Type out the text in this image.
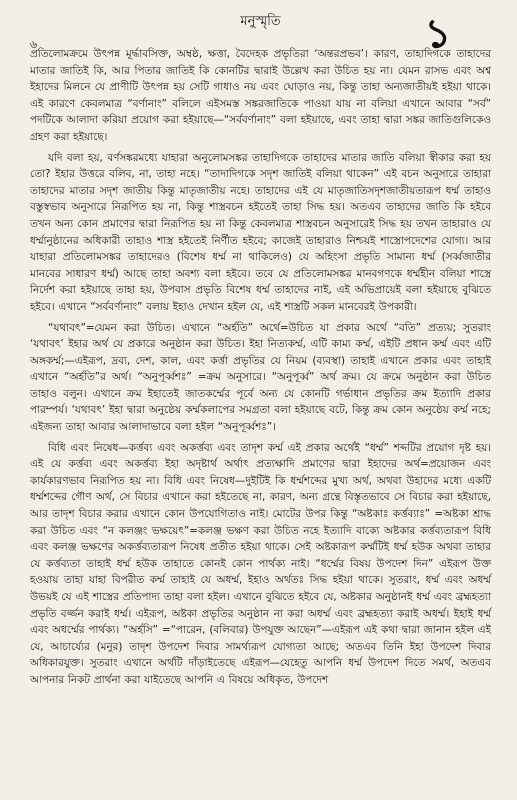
৬
মনুস্মৃতি	১

প্রতিলোমক্রমে উৎপন্ন মূর্দ্ধাবসিক্ত, অম্বষ্ঠ, ক্ষত্তা, বৈদেহক প্রভৃতিরা ‘অন্তরপ্রভব’। কারণ, তাহাদিগকে তাহাদের মাতার জাতিই কি, আর পিতার জাতিই কি কোনটির দ্বারাই উল্লেখ করা উচিত হয় না। যেমন রাসভ এবং অশ্ব ইহাদের মিলনে যে প্রাণীটি উৎপন্ন হয় সেটি গাধাও নয় এবং ঘোড়াও নয়, কিন্তু তাহা অন্যজাতীয়ই হইয়া থাকে। এই কারণে কেবলমাত্র “বর্ণানাং” বলিলে এইসমস্ত সঙ্করজাতিকে পাওয়া যায় না বলিয়া এখানে আবার “সর্ব” পদটিকে আলাদা করিয়া প্রয়োগ করা হইয়াছে—“সর্ববর্ণানাং” বলা হইয়াছে, এবং তাহা দ্বারা সঙ্কর জাতিগুলিকেও গ্রহণ করা হইয়াছে।

যদি বলা হয়, বর্ণসঙ্করমধ্যে যাহারা অনুলোমসঙ্কর তাহাদিগকে তাহাদের মাতার জাতি বলিয়া স্বীকার করা হয় তো? ইহার উত্তরে বলিব, না, তাহা নহে। “তাদাদিগকে সদৃশ জাতিই বলিয়া থাকেন” এই বচন অনুসারে তাহারা তাহাদের মাতার সদৃশ জাতীয় কিন্তু মাতৃজাতীয় নহে। তাহাদের এই যে মাতৃজাতিসদৃশজাতীয়তারূপ ধর্ম্ম তাহাও বস্তুস্বভাব অনুসারে নিরূপিত হয় না, কিন্তু শাস্ত্রবচন হইতেই তাহা সিদ্ধ হয়। অতএব তাহাদের জাতি কি হইবে তখন অন্য কোন প্রমাণের দ্বারা নিরূপিত হয় না কিন্তু কেবলমাত্র শাস্ত্রবচন অনুসারেই সিদ্ধ হয় তখন তাহারাও যে ধর্ম্মানুষ্ঠানের অধিকারী তাহাও শাস্ত্র হইতেই নির্ণীত হইবে; কাজেই তাহারাও নিশ্চয়ই শাস্ত্রোপদেশের যোগ্য। আর যাহারা প্রতিলোমসঙ্কর তাহাদেরও (বিশেষ ধর্ম্ম না থাকিলেও) যে অহিংসা প্রভৃতি সামান্য ধর্ম্ম (সর্ব্বজাতীর মানবের সাধারণ ধর্ম্ম) আছে তাহা অবশ্য বলা হইবে। তবে যে প্রতিলোমসঙ্কর মানবগণকে ধর্ম্মহীন বলিয়া শাস্ত্রে নির্দেশ করা হইয়াছে তাহা হয়, উপবাস প্রভৃতি বিশেষ ধর্ম্ম তাহাদের নাই, এই অভিপ্রায়েই বলা হইয়াছে বুঝিতে হইবে। এখানে “সর্ববর্ণানাং” বলায় ইহাও দেখান হইল যে, এই শাস্ত্রটি সকল মানবেরই উপকারী।

“যথাবৎ”=যেমন করা উচিত। এখানে “অর্হতি” অর্থে=উচিত যা প্রকার অর্থে “বতি” প্রত্যয়; সুতরাং ‘যথাবৎ’ ইহার অর্থ যে প্রকারে অনুষ্ঠান করা উচিত। ইহা নিত্যকর্ম্ম, এটি কাম্য কর্ম্ম, এইটি প্রধান কর্ম্ম এবং এটি অঙ্গকর্ম্ম;—এইরূপ, দ্রব্য, দেশ, কাল, এবং কর্ত্তা প্রভৃতির যে নিয়ম (ব্যবস্থা) তাহাই এখানে প্রকার এবং তাহাই এখানে “অর্হতি”র অর্থ। “অনুপূর্ব্বশঃ” =ক্রম অনুসারে। “অনুপূর্ব্ব” অর্থ ক্রম। যে ক্রমে অনুষ্ঠান করা উচিত তাহাও বলুন। এখানে ক্রম ইহাতেই জাতকর্ম্মের পূর্বে অন্য যে কোনটি গর্ভাধান প্রভৃতির ক্রম ইত্যাদি প্রকার পারম্পর্য। ‘যথাবৎ’ ইহা দ্বারা অনুষ্ঠেয় কর্ম্মকলাপের সমগ্রতা বলা হইয়াছে বটে, কিন্তু ক্রম কোন অনুষ্ঠেয় কর্ম্ম নহে; এইজন্য তাহা আবার আলাদাভাবে বলা হইল “অনুপূর্ব্বশঃ”।

বিধি এবং নিষেধ—কর্ত্তব্য এবং অকর্ত্তব্য এবং তাদৃশ কর্ম্ম এই প্রকার অর্থেই “ধর্ম্ম” শব্দটির প্রয়োগ দৃষ্ট হয়। এই যে কর্ত্তব্য এবং অকর্ত্তব্য ইহা অদৃষ্টার্থ অর্থাৎ প্রত্যক্ষাদি প্রমাণের দ্বারা ইহাদের অর্থ=প্রয়োজন এবং কার্যকারণভাব নিরূপিত হয় না। বিধি এবং নিষেধ—দুইটিই কি ধর্ম্মশব্দের মুখ্য অর্থ, অথবা উহাদের মধ্যে একটি ধর্ম্মশব্দের গৌণ অর্থ, সে বিচার এখানে করা হইতেছে না, কারণ, অন্য গ্রন্থে বিস্তৃতভাবে সে বিচার করা হইয়াছে, আর তাদৃশ বিচার করার এখানে কোন উপযোগিতাও নাই। মোটের উপর কিন্তু “অষ্টকাঃ কর্ত্তব্যাঃ” =অষ্টকা শ্রাদ্ধ করা উচিত এবং “ন কলঞ্জং ভক্ষয়েৎ”=কলঞ্জ ভক্ষণ করা উচিত নহে ইত্যাদি বাক্যে অষ্টকার কর্ত্তব্যতারূপ বিধি এবং কলঞ্জ ভক্ষণের অকর্ত্তব্যতারূপ নিষেধ প্রতীত হইয়া থাকে। সেই অষ্টকারূপ কর্ম্মটিই ধর্ম্ম হউক অথবা তাহার যে কর্ত্তব্যতা তাহাই ধর্ম্ম হউক তাহাতে কোনই কোন পার্থক্য নাই। “ধর্ম্মের বিষয় উপদেশ দিন” এইরূপ উক্ত হওয়ায় তাহা যাহা বিপরীত কর্ম্ম তাহাই যে অধর্ম্ম, ইহাও অর্থতঃ সিদ্ধ হইয়া থাকে। সুতরাং, ধর্ম্ম এবং অধর্ম্ম উভয়ই যে এই শাস্ত্রের প্রতিপাদ্য তাহা বলা হইল। এখানে বুঝিতে হইবে যে, অষ্টকার অনুষ্ঠানই ধর্ম্ম এবং ব্রহ্মহত্যা প্রভৃতি বর্জ্জন করাই ধর্ম্ম। এইরূপ, অষ্টকা প্রভৃতির অনুষ্ঠান না করা অধর্ম্ম এবং ব্রহ্মহত্যা করাই অধর্ম্ম। ইহাই ধর্ম্ম এবং অধর্ম্মের পার্থক্য। “অর্হসি” =“পারেন, (বলিবার) উপযুক্ত আছেন”—এইরূপ এই কথা দ্বারা জানান হইল এই যে, আচার্য্যের (মনুর) তাদৃশ উপদেশ দিবার সামর্থ্যরূপ যোগ্যতা আছে; অতএব তিনি ইহা উপদেশ দিবার অধিকারযুক্ত। সুতরাং এখানে অর্থটি দাঁড়াইতেছে এইরূপ—যেহেতু আপনি ধর্ম্ম উপদেশ দিতে সমর্থ, অতএব আপনার নিকট প্রার্থনা করা যাইতেছে আপনি এ বিষয়ে অধিকৃত, উপদেশ
